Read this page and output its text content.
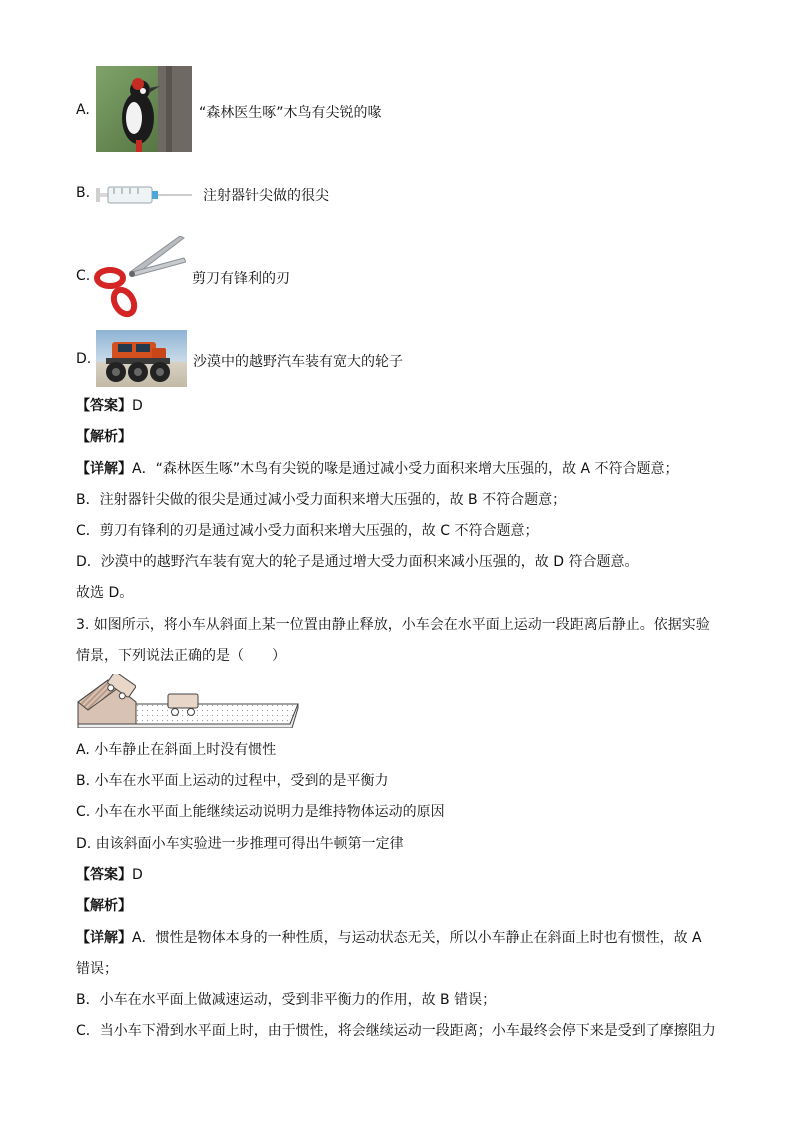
A.	“森林医生啄”木鸟有尖锐的喙
B.	注射器针尖做的很尖
C.	剪刀有锋利的刃
D.	沙漠中的越野汽车装有宽大的轮子
【答案】D
【解析】
【详解】A．“森林医生啄”木鸟有尖锐的喙是通过减小受力面积来增大压强的，故 A 不符合题意；
B．注射器针尖做的很尖是通过减小受力面积来增大压强的，故 B 不符合题意；
C．剪刀有锋利的刃是通过减小受力面积来增大压强的，故 C 不符合题意；
D．沙漠中的越野汽车装有宽大的轮子是通过增大受力面积来减小压强的，故 D 符合题意。
故选 D。
3. 如图所示，将小车从斜面上某一位置由静止释放，小车会在水平面上运动一段距离后静止。依据实验
情景，下列说法正确的是（　　）
A. 小车静止在斜面上时没有惯性
B. 小车在水平面上运动的过程中，受到的是平衡力
C. 小车在水平面上能继续运动说明力是维持物体运动的原因
D. 由该斜面小车实验进一步推理可得出牛顿第一定律
【答案】D
【解析】
【详解】A．惯性是物体本身的一种性质，与运动状态无关，所以小车静止在斜面上时也有惯性，故 A
错误；
B．小车在水平面上做减速运动，受到非平衡力的作用，故 B 错误；
C．当小车下滑到水平面上时，由于惯性，将会继续运动一段距离；小车最终会停下来是受到了摩擦阻力
